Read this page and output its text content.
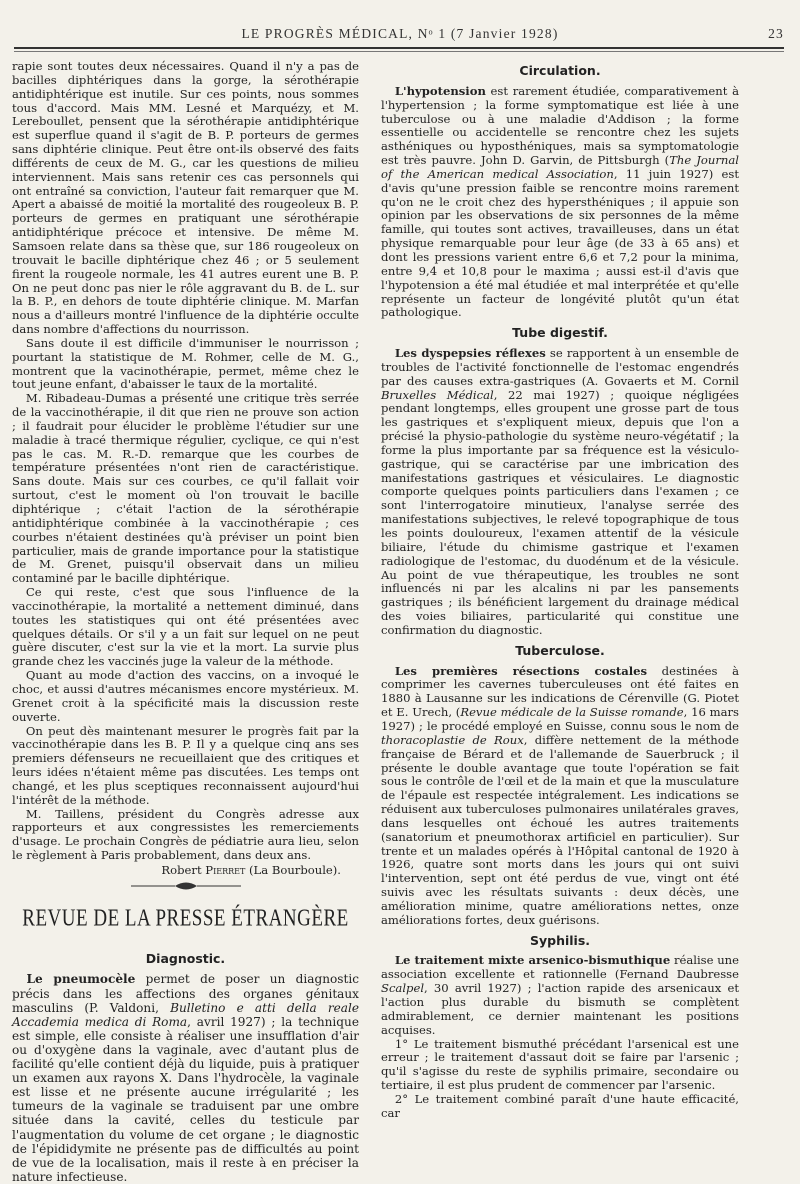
LE PROGRÈS MÉDICAL, Nᵒ 1 (7 Janvier 1928)	23

rapie sont toutes deux nécessaires. Quand il n'y a pas de bacilles diphtériques dans la gorge, la sérothérapie antidiphtérique est inutile. Sur ces points, nous sommes tous d'accord. Mais MM. Lesné et Marquézy, et M. Lereboullet, pensent que la sérothérapie antidiphtérique est superflue quand il s'agit de B. P. porteurs de germes sans diphtérie clinique. Peut être ont-ils observé des faits différents de ceux de M. G., car les questions de milieu interviennent. Mais sans retenir ces cas personnels qui ont entraîné sa conviction, l'auteur fait remarquer que M. Apert a abaissé de moitié la mortalité des rougeoleux B. P. porteurs de germes en pratiquant une sérothérapie antidiphtérique précoce et intensive. De même M. Samsoen relate dans sa thèse que, sur 186 rougeoleux on trouvait le bacille diphtérique chez 46 ; or 5 seulement firent la rougeole normale, les 41 autres eurent une B. P. On ne peut donc pas nier le rôle aggravant du B. de L. sur la B. P., en dehors de toute diphtérie clinique. M. Marfan nous a d'ailleurs montré l'influence de la diphtérie occulte dans nombre d'affections du nourrisson.

Sans doute il est difficile d'immuniser le nourrisson ; pourtant la statistique de M. Rohmer, celle de M. G., montrent que la vacinothérapie, permet, même chez le tout jeune enfant, d'abaisser le taux de la mortalité.

M. Ribadeau-Dumas a présenté une critique très serrée de la vaccinothérapie, il dit que rien ne prouve son action ; il faudrait pour élucider le problème l'étudier sur une maladie à tracé thermique régulier, cyclique, ce qui n'est pas le cas. M. R.-D. remarque que les courbes de température présentées n'ont rien de caractéristique. Sans doute. Mais sur ces courbes, ce qu'il fallait voir surtout, c'est le moment où l'on trouvait le bacille diphtérique ; c'était l'action de la sérothérapie antidiphtérique combinée à la vaccinothérapie ; ces courbes n'étaient destinées qu'à préviser un point bien particulier, mais de grande importance pour la statistique de M. Grenet, puisqu'il observait dans un milieu contaminé par le bacille diphtérique.

Ce qui reste, c'est que sous l'influence de la vaccinothérapie, la mortalité a nettement diminué, dans toutes les statistiques qui ont été présentées avec quelques détails. Or s'il y a un fait sur lequel on ne peut guère discuter, c'est sur la vie et la mort. La survie plus grande chez les vaccinés juge la valeur de la méthode.

Quant au mode d'action des vaccins, on a invoqué le choc, et aussi d'autres mécanismes encore mystérieux. M. Grenet croit à la spécificité mais la discussion reste ouverte.

On peut dès maintenant mesurer le progrès fait par la vaccinothérapie dans les B. P. Il y a quelque cinq ans ses premiers défenseurs ne recueillaient que des critiques et leurs idées n'étaient même pas discutées. Les temps ont changé, et les plus sceptiques reconnaissent aujourd'hui l'intérêt de la méthode.

M. Taillens, président du Congrès adresse aux rapporteurs et aux congressistes les remerciements d'usage. Le prochain Congrès de pédiatrie aura lieu, selon le règlement à Paris probablement, dans deux ans.

Robert Pierret (La Bourboule).
REVUE DE LA PRESSE ÉTRANGÈRE
Diagnostic.

Le pneumocèle permet de poser un diagnostic précis dans les affections des organes génitaux masculins (P. Valdoni, Bulletino e atti della reale Accademia medica di Roma, avril 1927) ; la technique est simple, elle consiste à réaliser une insufflation d'air ou d'oxygène dans la vaginale, avec d'autant plus de facilité qu'elle contient déjà du liquide, puis à pratiquer un examen aux rayons X. Dans l'hydrocèle, la vaginale est lisse et ne présente aucune irrégularité ; les tumeurs de la vaginale se traduisent par une ombre située dans la cavité, celles du testicule par l'augmentation du volume de cet organe ; le diagnostic de l'épididymite ne présente pas de difficultés au point de vue de la localisation, mais il reste à en préciser la nature infectieuse.

Circulation.

L'hypotension est rarement étudiée, comparativement à l'hypertension ; la forme symptomatique est liée à une tuberculose ou à une maladie d'Addison ; la forme essentielle ou accidentelle se rencontre chez les sujets asthéniques ou hyposthéniques, mais sa symptomatologie est très pauvre. John D. Garvin, de Pittsburgh (The Journal of the American medical Association, 11 juin 1927) est d'avis qu'une pression faible se rencontre moins rarement qu'on ne le croit chez des hypersthéniques ; il appuie son opinion par les observations de six personnes de la même famille, qui toutes sont actives, travailleuses, dans un état physique remarquable pour leur âge (de 33 à 65 ans) et dont les pressions varient entre 6,6 et 7,2 pour la minima, entre 9,4 et 10,8 pour le maxima ; aussi est-il d'avis que l'hypotension a été mal étudiée et mal interprétée et qu'elle représente un facteur de longévité plutôt qu'un état pathologique.

Tube digestif.

Les dyspepsies réflexes se rapportent à un ensemble de troubles de l'activité fonctionnelle de l'estomac engendrés par des causes extra-gastriques (A. Govaerts et M. Cornil Bruxelles Médical, 22 mai 1927) ; quoique négligées pendant longtemps, elles groupent une grosse part de tous les gastriques et s'expliquent mieux, depuis que l'on a précisé la physio-pathologie du système neuro-végétatif ; la forme la plus importante par sa fréquence est la vésiculo-gastrique, qui se caractérise par une imbrication des manifestations gastriques et vésiculaires. Le diagnostic comporte quelques points particuliers dans l'examen ; ce sont l'interrogatoire minutieux, l'analyse serrée des manifestations subjectives, le relevé topographique de tous les points douloureux, l'examen attentif de la vésicule biliaire, l'étude du chimisme gastrique et l'examen radiologique de l'estomac, du duodénum et de la vésicule. Au point de vue thérapeutique, les troubles ne sont influencés ni par les alcalins ni par les pansements gastriques ; ils bénéficient largement du drainage médical des voies biliaires, particularité qui constitue une confirmation du diagnostic.

Tuberculose.

Les premières résections costales destinées à comprimer les cavernes tuberculeuses ont été faites en 1880 à Lausanne sur les indications de Cérenville (G. Piotet et E. Urech, (Revue médicale de la Suisse romande, 16 mars 1927) ; le procédé employé en Suisse, connu sous le nom de thoracoplastie de Roux, diffère nettement de la méthode française de Bérard et de l'allemande de Sauerbruck ; il présente le double avantage que toute l'opération se fait sous le contrôle de l'œil et de la main et que la musculature de l'épaule est respectée intégralement. Les indications se réduisent aux tuberculoses pulmonaires unilatérales graves, dans lesquelles ont échoué les autres traitements (sanatorium et pneumothorax artificiel en particulier). Sur trente et un malades opérés à l'Hôpital cantonal de 1920 à 1926, quatre sont morts dans les jours qui ont suivi l'intervention, sept ont été perdus de vue, vingt ont été suivis avec les résultats suivants : deux décès, une amélioration minime, quatre améliorations nettes, onze améliorations fortes, deux guérisons.

Syphilis.

Le traitement mixte arsenico-bismuthique réalise une association excellente et rationnelle (Fernand Daubresse Scalpel, 30 avril 1927) ; l'action rapide des arsenicaux et l'action plus durable du bismuth se complètent admirablement, ce dernier maintenant les positions acquises.

1° Le traitement bismuthé précédant l'arsenical est une erreur ; le traitement d'assaut doit se faire par l'arsenic ; qu'il s'agisse du reste de syphilis primaire, secondaire ou tertiaire, il est plus prudent de commencer par l'arsenic.

2° Le traitement combiné paraît d'une haute efficacité, car
